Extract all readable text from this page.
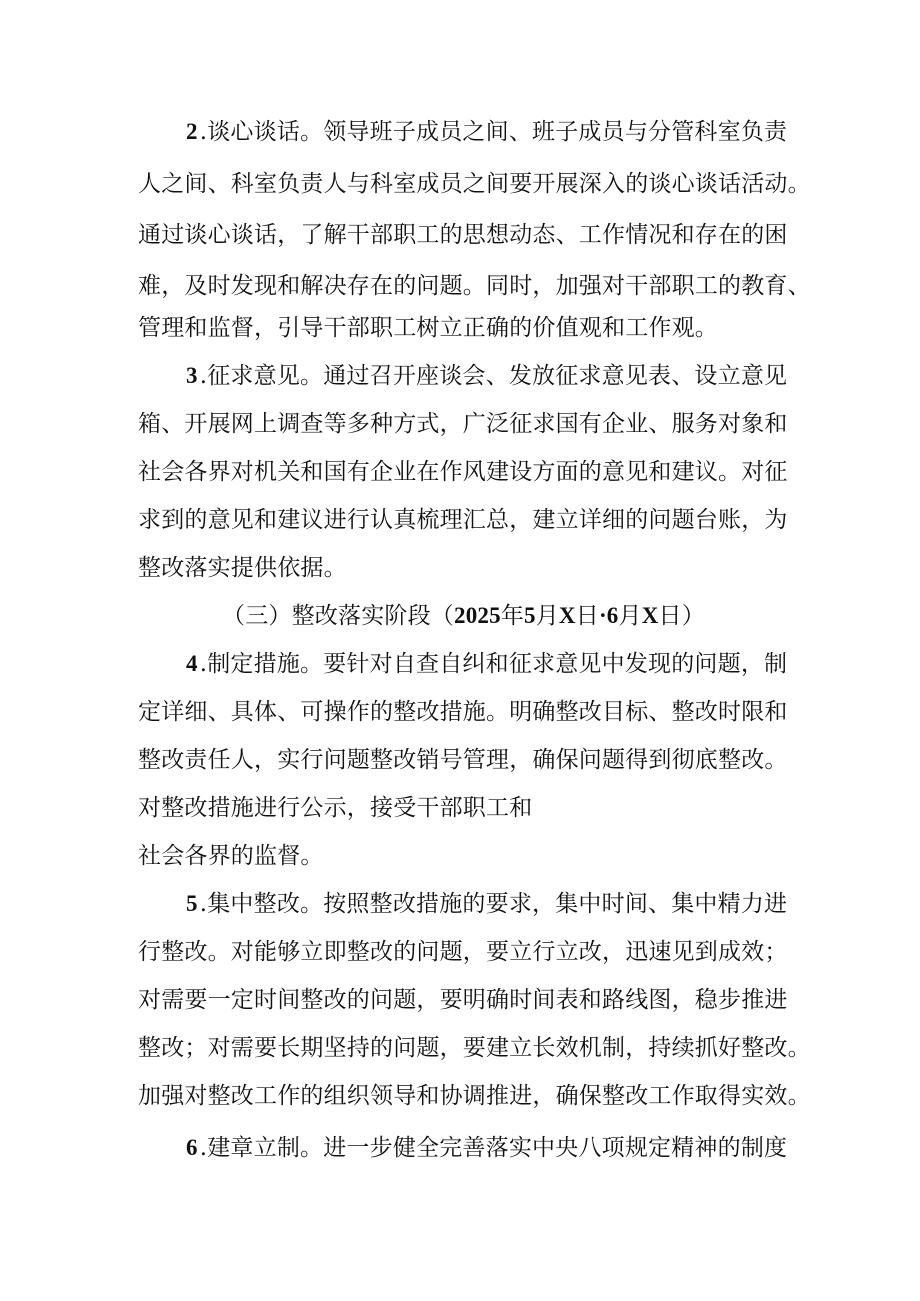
2.谈心谈话。领导班子成员之间、班子成员与分管科室负责
人之间、科室负责人与科室成员之间要开展深入的谈心谈话活动。
通过谈心谈话，了解干部职工的思想动态、工作情况和存在的困
难，及时发现和解决存在的问题。同时，加强对干部职工的教育、
管理和监督，引导干部职工树立正确的价值观和工作观。
3.征求意见。通过召开座谈会、发放征求意见表、设立意见
箱、开展网上调查等多种方式，广泛征求国有企业、服务对象和
社会各界对机关和国有企业在作风建设方面的意见和建议。对征
求到的意见和建议进行认真梳理汇总，建立详细的问题台账，为
整改落实提供依据。
（三）整改落实阶段（2025年5月X日·6月X日）
4.制定措施。要针对自查自纠和征求意见中发现的问题，制
定详细、具体、可操作的整改措施。明确整改目标、整改时限和
整改责任人，实行问题整改销号管理，确保问题得到彻底整改。
对整改措施进行公示，接受干部职工和
社会各界的监督。
5.集中整改。按照整改措施的要求，集中时间、集中精力进
行整改。对能够立即整改的问题，要立行立改，迅速见到成效；
对需要一定时间整改的问题，要明确时间表和路线图，稳步推进
整改；对需要长期坚持的问题，要建立长效机制，持续抓好整改。
加强对整改工作的组织领导和协调推进，确保整改工作取得实效。
6.建章立制。进一步健全完善落实中央八项规定精神的制度
